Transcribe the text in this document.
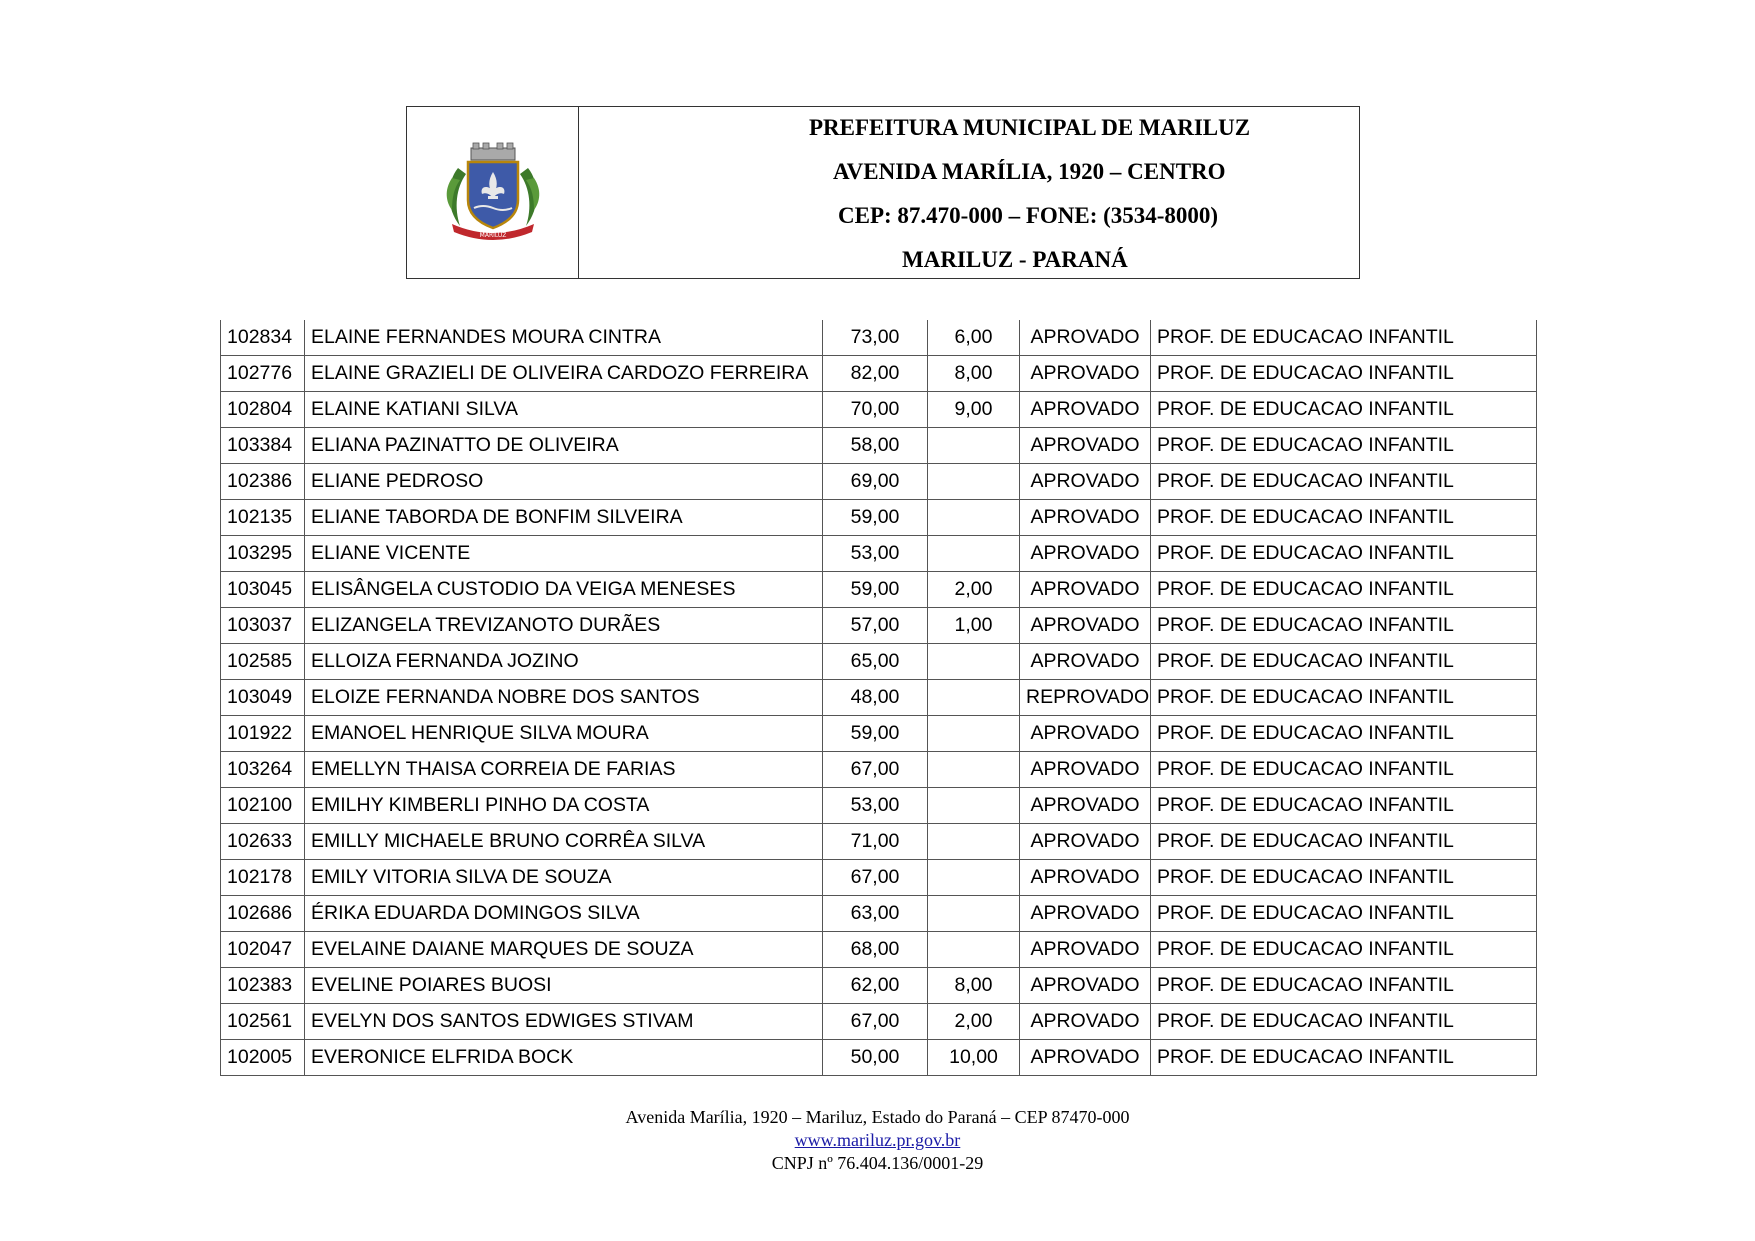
MARILUZ
PREFEITURA MUNICIPAL DE MARILUZ
AVENIDA MARÍLIA, 1920 – CENTRO
CEP: 87.470-000 – FONE: (3534-8000)
MARILUZ - PARANÁ
102834	ELAINE FERNANDES MOURA CINTRA	73,00	6,00	APROVADO	PROF. DE EDUCACAO INFANTIL
102776	ELAINE GRAZIELI DE OLIVEIRA CARDOZO FERREIRA	82,00	8,00	APROVADO	PROF. DE EDUCACAO INFANTIL
102804	ELAINE KATIANI SILVA	70,00	9,00	APROVADO	PROF. DE EDUCACAO INFANTIL
103384	ELIANA PAZINATTO DE OLIVEIRA	58,00		APROVADO	PROF. DE EDUCACAO INFANTIL
102386	ELIANE PEDROSO	69,00		APROVADO	PROF. DE EDUCACAO INFANTIL
102135	ELIANE TABORDA DE BONFIM SILVEIRA	59,00		APROVADO	PROF. DE EDUCACAO INFANTIL
103295	ELIANE VICENTE	53,00		APROVADO	PROF. DE EDUCACAO INFANTIL
103045	ELISÂNGELA CUSTODIO DA VEIGA MENESES	59,00	2,00	APROVADO	PROF. DE EDUCACAO INFANTIL
103037	ELIZANGELA TREVIZANOTO DURÃES	57,00	1,00	APROVADO	PROF. DE EDUCACAO INFANTIL
102585	ELLOIZA FERNANDA JOZINO	65,00		APROVADO	PROF. DE EDUCACAO INFANTIL
103049	ELOIZE FERNANDA NOBRE DOS SANTOS	48,00		REPROVADO	PROF. DE EDUCACAO INFANTIL
101922	EMANOEL HENRIQUE SILVA MOURA	59,00		APROVADO	PROF. DE EDUCACAO INFANTIL
103264	EMELLYN THAISA CORREIA DE FARIAS	67,00		APROVADO	PROF. DE EDUCACAO INFANTIL
102100	EMILHY KIMBERLI PINHO DA COSTA	53,00		APROVADO	PROF. DE EDUCACAO INFANTIL
102633	EMILLY MICHAELE BRUNO CORRÊA SILVA	71,00		APROVADO	PROF. DE EDUCACAO INFANTIL
102178	EMILY VITORIA SILVA DE SOUZA	67,00		APROVADO	PROF. DE EDUCACAO INFANTIL
102686	ÉRIKA EDUARDA DOMINGOS SILVA	63,00		APROVADO	PROF. DE EDUCACAO INFANTIL
102047	EVELAINE DAIANE MARQUES DE SOUZA	68,00		APROVADO	PROF. DE EDUCACAO INFANTIL
102383	EVELINE POIARES BUOSI	62,00	8,00	APROVADO	PROF. DE EDUCACAO INFANTIL
102561	EVELYN DOS SANTOS EDWIGES STIVAM	67,00	2,00	APROVADO	PROF. DE EDUCACAO INFANTIL
102005	EVERONICE ELFRIDA BOCK	50,00	10,00	APROVADO	PROF. DE EDUCACAO INFANTIL
Avenida Marília, 1920 – Mariluz, Estado do Paraná – CEP 87470-000
www.mariluz.pr.gov.br
CNPJ nº 76.404.136/0001-29
